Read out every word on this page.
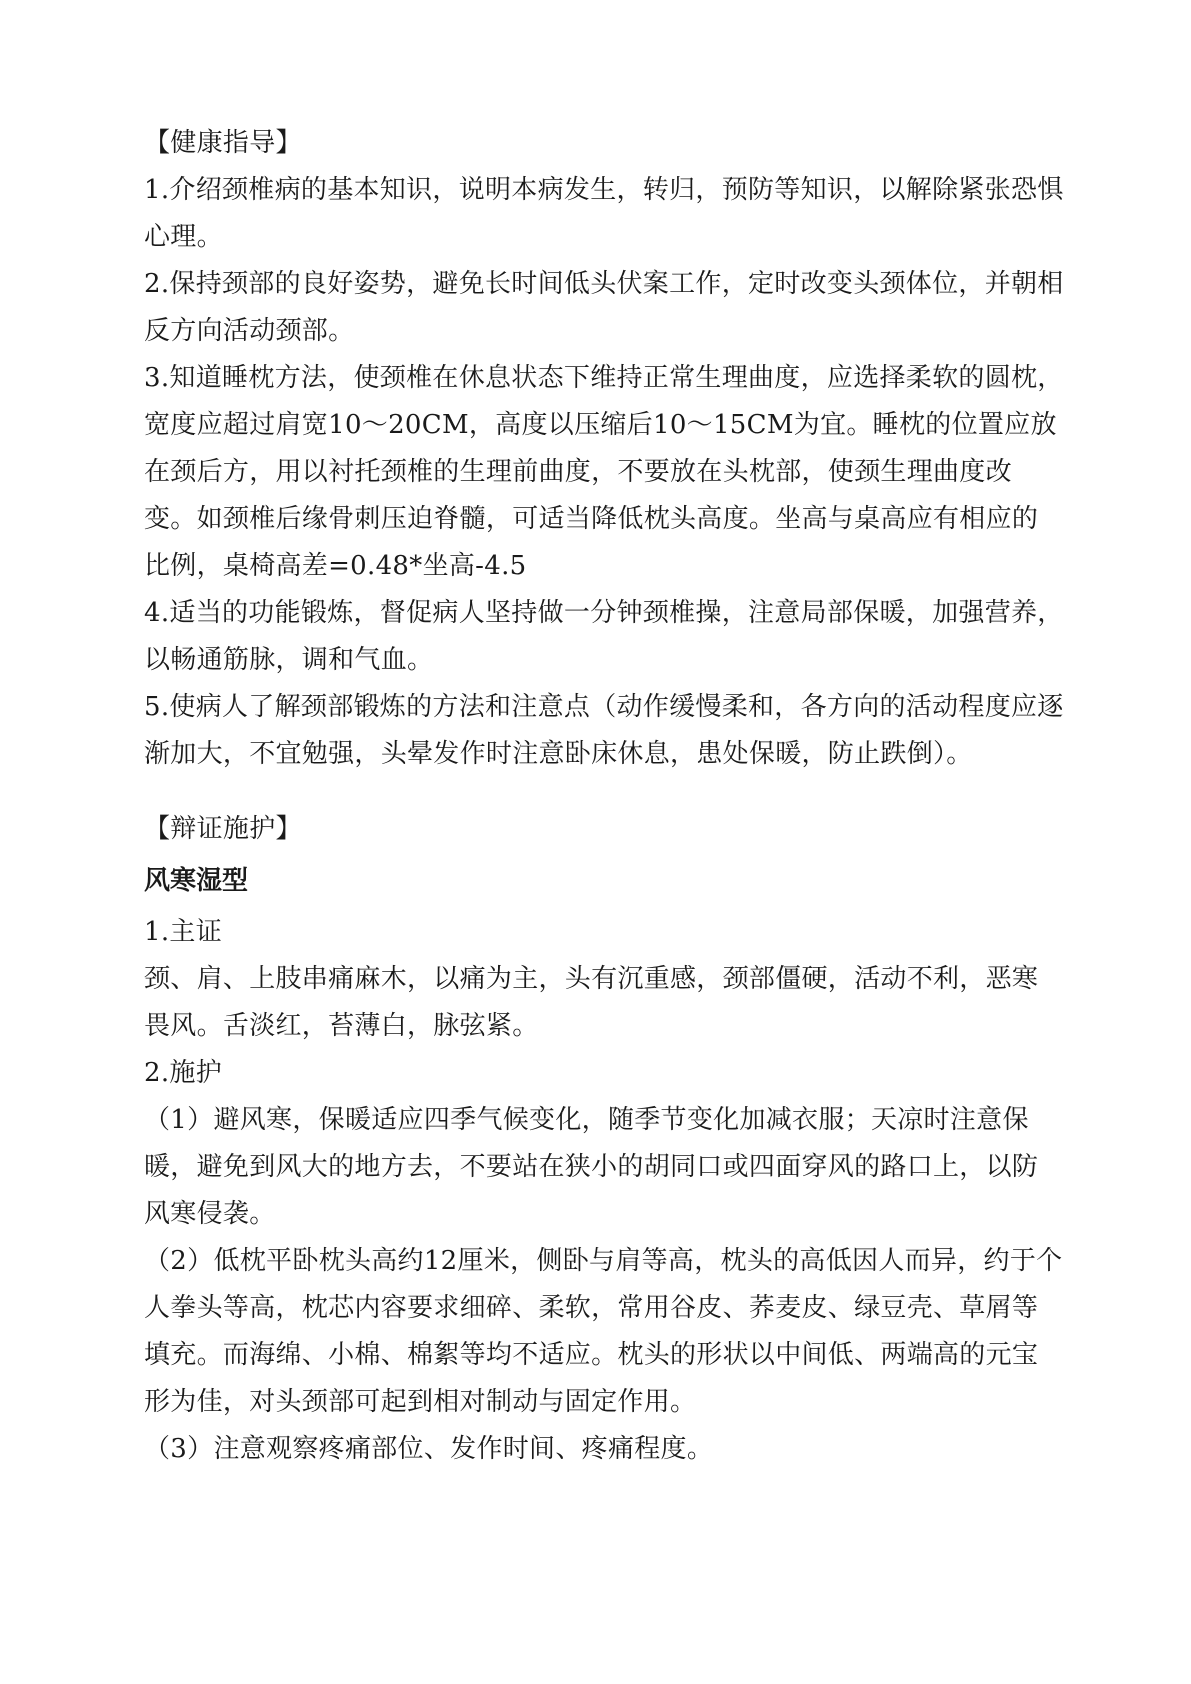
【健康指导】

1.介绍颈椎病的基本知识，说明本病发生，转归，预防等知识，以解除紧张恐惧心理。

2.保持颈部的良好姿势，避免长时间低头伏案工作，定时改变头颈体位，并朝相反方向活动颈部。

3.知道睡枕方法，使颈椎在休息状态下维持正常生理曲度，应选择柔软的圆枕，宽度应超过肩宽10～20CM，高度以压缩后10～15CM为宜。睡枕的位置应放在颈后方，用以衬托颈椎的生理前曲度，不要放在头枕部，使颈生理曲度改变。如颈椎后缘骨刺压迫脊髓，可适当降低枕头高度。坐高与桌高应有相应的比例，桌椅高差=0.48*坐高-4.5

4.适当的功能锻炼，督促病人坚持做一分钟颈椎操，注意局部保暖，加强营养，以畅通筋脉，调和气血。

5.使病人了解颈部锻炼的方法和注意点（动作缓慢柔和，各方向的活动程度应逐渐加大，不宜勉强，头晕发作时注意卧床休息，患处保暖，防止跌倒）。

【辩证施护】

风寒湿型

1.主证

颈、肩、上肢串痛麻木，以痛为主，头有沉重感，颈部僵硬，活动不利，恶寒畏风。舌淡红，苔薄白，脉弦紧。

2.施护

（1）避风寒，保暖适应四季气候变化，随季节变化加减衣服；天凉时注意保暖，避免到风大的地方去，不要站在狭小的胡同口或四面穿风的路口上，以防风寒侵袭。

（2）低枕平卧枕头高约12厘米，侧卧与肩等高，枕头的高低因人而异，约于个人拳头等高，枕芯内容要求细碎、柔软，常用谷皮、荞麦皮、绿豆壳、草屑等填充。而海绵、小棉、棉絮等均不适应。枕头的形状以中间低、两端高的元宝形为佳，对头颈部可起到相对制动与固定作用。

（3）注意观察疼痛部位、发作时间、疼痛程度。
